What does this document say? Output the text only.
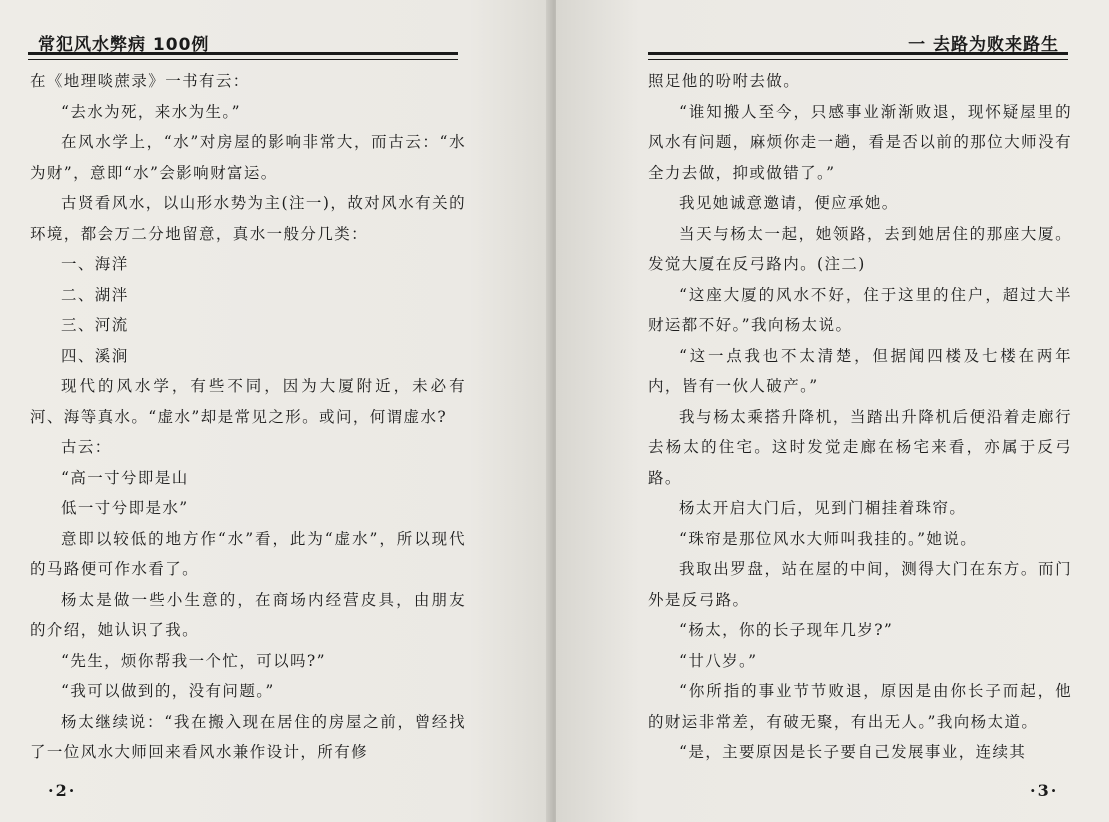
常犯风水弊病 100例

在《地理啖蔗录》一书有云：

“去水为死，来水为生。”

在风水学上，“水”对房屋的影响非常大，而古云：“水为财”，意即“水”会影响财富运。

古贤看风水，以山形水势为主(注一)，故对风水有关的环境，都会万二分地留意，真水一般分几类：

一、海洋

二、湖泮

三、河流

四、溪涧

现代的风水学，有些不同，因为大厦附近，未必有河、海等真水。“虚水”却是常见之形。或问，何谓虚水?

古云：

“高一寸兮即是山

低一寸兮即是水”

意即以较低的地方作“水”看，此为“虚水”，所以现代的马路便可作水看了。

杨太是做一些小生意的，在商场内经营皮具，由朋友的介绍，她认识了我。

“先生，烦你帮我一个忙，可以吗?”

“我可以做到的，没有问题。”

杨太继续说：“我在搬入现在居住的房屋之前，曾经找了一位风水大师回来看风水兼作设计，所有修

·2·
一 去路为败来路生

照足他的吩咐去做。

“谁知搬人至今，只感事业渐渐败退，现怀疑屋里的风水有问题，麻烦你走一趟，看是否以前的那位大师没有全力去做，抑或做错了。”

我见她诚意邀请，便应承她。

当天与杨太一起，她领路，去到她居住的那座大厦。发觉大厦在反弓路内。(注二)

“这座大厦的风水不好，住于这里的住户，超过大半财运都不好。”我向杨太说。

“这一点我也不太清楚，但据闻四楼及七楼在两年内，皆有一伙人破产。”

我与杨太乘搭升降机，当踏出升降机后便沿着走廊行去杨太的住宅。这时发觉走廊在杨宅来看，亦属于反弓路。

杨太开启大门后，见到门楣挂着珠帘。

“珠帘是那位风水大师叫我挂的。”她说。

我取出罗盘，站在屋的中间，测得大门在东方。而门外是反弓路。

“杨太，你的长子现年几岁?”

“廿八岁。”

“你所指的事业节节败退，原因是由你长子而起，他的财运非常差，有破无聚，有出无人。”我向杨太道。

“是，主要原因是长子要自己发展事业，连续其

·3·
